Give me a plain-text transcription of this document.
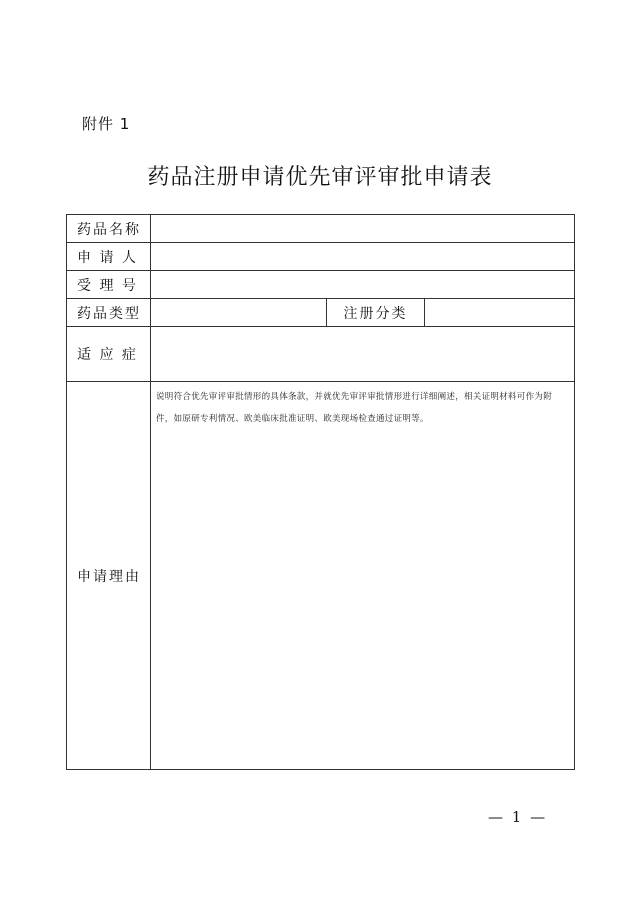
附件 1
药品注册申请优先审评审批申请表
药品名称			
申 请 人			
受 理 号			
药品类型		注册分类	
适 应 症			
申请理由	说明符合优先审评审批情形的具体条款，并就优先审评审批情形进行详细阐述，相关证明材料可作为附件，如原研专利情况、欧美临床批准证明、欧美现场检查通过证明等。		
— 1 —
